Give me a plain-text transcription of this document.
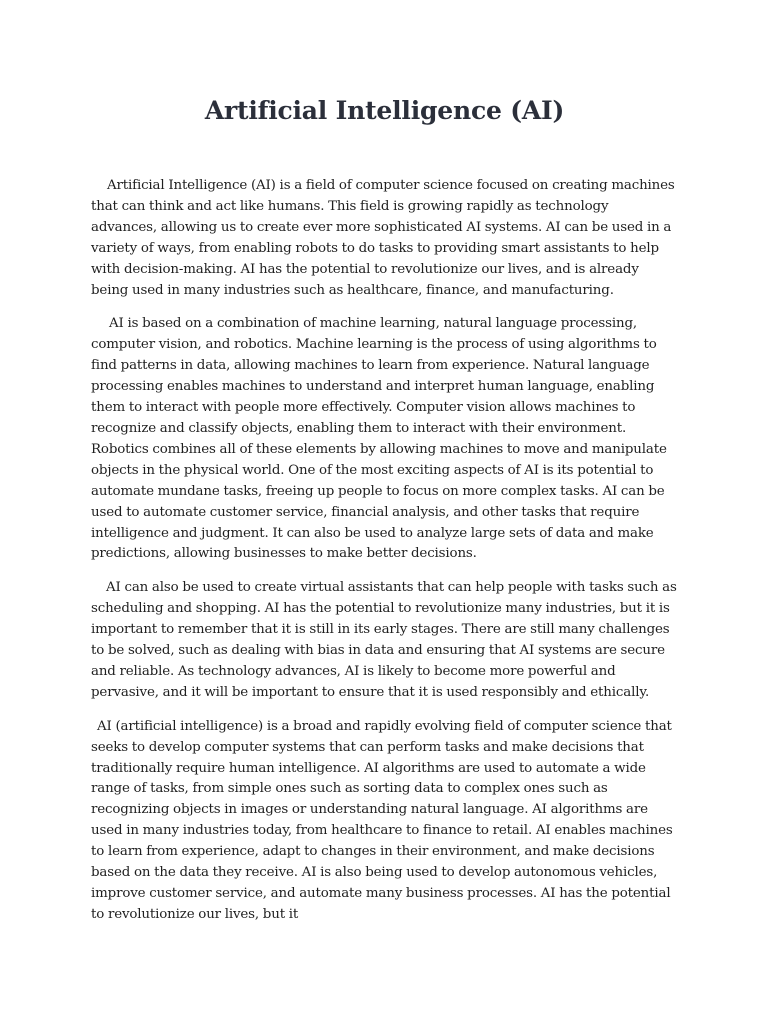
Artificial Intelligence (AI)

Artificial Intelligence (AI) is a field of computer science focused on creating machines that can think and act like humans. This field is growing rapidly as technology advances, allowing us to create ever more sophisticated AI systems. AI can be used in a variety of ways, from enabling robots to do tasks to providing smart assistants to help with decision-making. AI has the potential to revolutionize our lives, and is already being used in many industries such as healthcare, finance, and manufacturing.

AI is based on a combination of machine learning, natural language processing, computer vision, and robotics. Machine learning is the process of using algorithms to find patterns in data, allowing machines to learn from experience. Natural language processing enables machines to understand and interpret human language, enabling them to interact with people more effectively. Computer vision allows machines to recognize and classify objects, enabling them to interact with their environment. Robotics combines all of these elements by allowing machines to move and manipulate objects in the physical world. One of the most exciting aspects of AI is its potential to automate mundane tasks, freeing up people to focus on more complex tasks. AI can be used to automate customer service, financial analysis, and other tasks that require intelligence and judgment. It can also be used to analyze large sets of data and make predictions, allowing businesses to make better decisions.

AI can also be used to create virtual assistants that can help people with tasks such as scheduling and shopping. AI has the potential to revolutionize many industries, but it is important to remember that it is still in its early stages. There are still many challenges to be solved, such as dealing with bias in data and ensuring that AI systems are secure and reliable. As technology advances, AI is likely to become more powerful and pervasive, and it will be important to ensure that it is used responsibly and ethically.

AI (artificial intelligence) is a broad and rapidly evolving field of computer science that seeks to develop computer systems that can perform tasks and make decisions that traditionally require human intelligence. AI algorithms are used to automate a wide range of tasks, from simple ones such as sorting data to complex ones such as recognizing objects in images or understanding natural language. AI algorithms are used in many industries today, from healthcare to finance to retail. AI enables machines to learn from experience, adapt to changes in their environment, and make decisions based on the data they receive. AI is also being used to develop autonomous vehicles, improve customer service, and automate many business processes. AI has the potential to revolutionize our lives, but it
